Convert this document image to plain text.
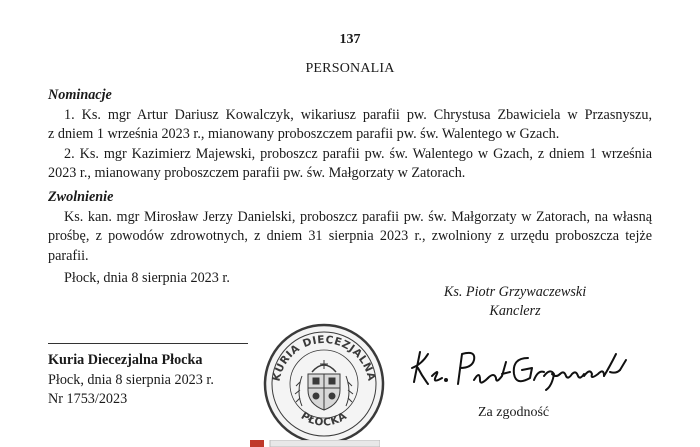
137
PERSONALIA
Nominacje
1. Ks. mgr Artur Dariusz Kowalczyk, wikariusz parafii pw. Chrystusa Zbawiciela w Przasnyszu,
z dniem 1 września 2023 r., mianowany proboszczem parafii pw. św. Walentego w Gzach.
2. Ks. mgr Kazimierz Majewski, proboszcz parafii pw. św. Walentego w Gzach, z dniem 1 września
2023 r., mianowany proboszczem parafii pw. św. Małgorzaty w Zatorach.
Zwolnienie
Ks. kan. mgr Mirosław Jerzy Danielski, proboszcz parafii pw. św. Małgorzaty w Zatorach, na własną
prośbę, z powodów zdrowotnych, z dniem 31 sierpnia 2023 r., zwolniony z urzędu proboszcza tejże
parafii.
Płock, dnia 8 sierpnia 2023 r.
Ks. Piotr Grzywaczewski
Kanclerz
Kuria Diecezjalna Płocka
Płock, dnia 8 sierpnia 2023 r.
Nr 1753/2023
KURIA DIECEZJALNA
PŁOCKA	Za zgodność
